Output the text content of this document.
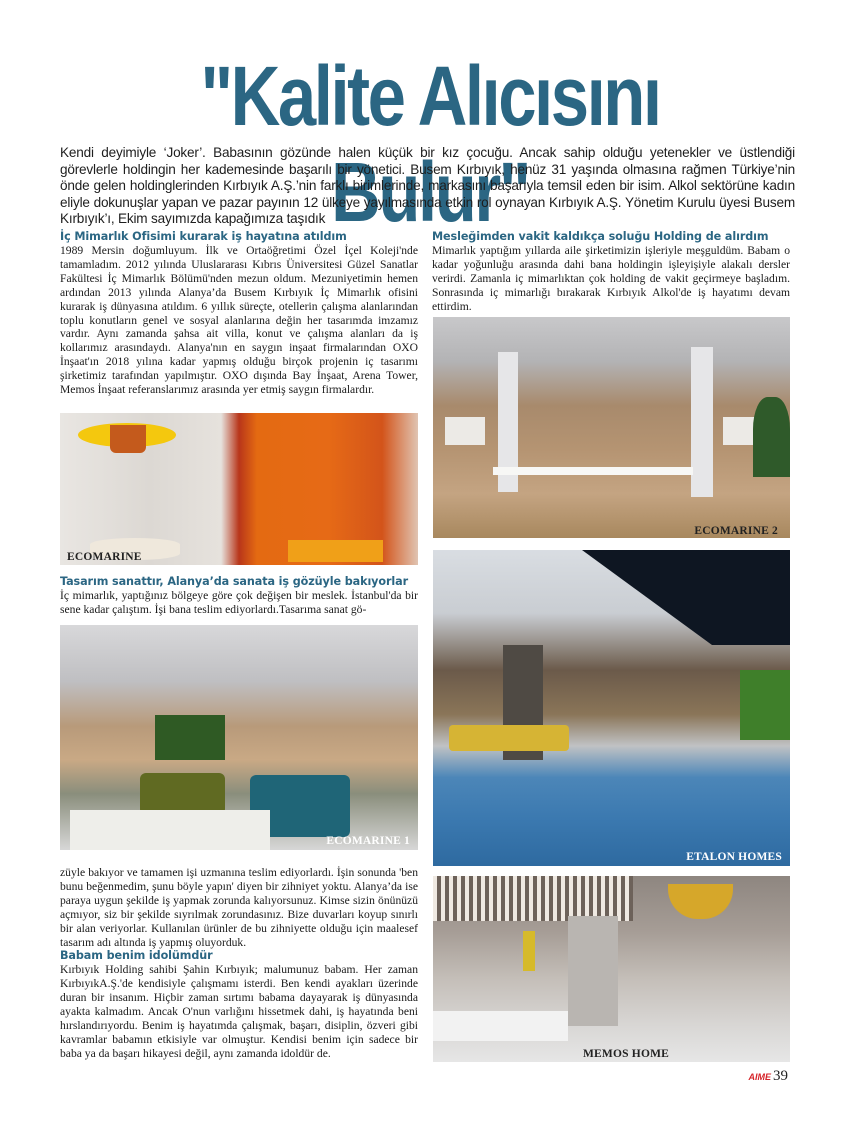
"Kalite Alıcısını Bulur"
Kendi deyimiyle ‘Joker’. Babasının gözünde halen küçük bir kız çocuğu. Ancak sahip olduğu yetenekler ve üstlendiği görevlerle holdingin her kademesinde başarılı bir yönetici. Busem Kırbıyık, henüz 31 yaşında olmasına rağmen Türkiye’nin önde gelen holdinglerinden Kırbıyık A.Ş.’nin farklı birimlerinde, markasını başarıyla temsil eden bir isim. Alkol sektörüne kadın eliyle dokunuşlar yapan ve pazar payının 12 ülkeye yayılmasında etkin rol oynayan Kırbıyık A.Ş. Yönetim Kurulu üyesi Busem Kırbıyık’ı, Ekim sayımızda kapağımıza taşıdık
İç Mimarlık Ofisimi kurarak iş hayatına atıldım
1989 Mersin doğumluyum. İlk ve Ortaöğretimi Özel İçel Koleji'nde tamamladım. 2012 yılında Uluslararası Kıbrıs Üniversitesi Güzel Sanatlar Fakültesi İç Mimarlık Bölümü'nden mezun oldum. Mezuniyetimin hemen ardından 2013 yılında Alanya’da Busem Kırbıyık İç Mimarlık ofisini kurarak iş dünyasına atıldım. 6 yıllık süreçte, otellerin çalışma alanlarından toplu konutların genel ve sosyal alanlarına değin her tasarımda imzamız vardır. Aynı zamanda şahsa ait villa, konut ve çalışma alanları da iş kollarımız arasındaydı. Alanya'nın en saygın inşaat firmalarından OXO İnşaat'ın 2018 yılına kadar yapmış olduğu birçok projenin iç tasarımı şirketimiz tarafından yapılmıştır. OXO dışında Bay İnşaat, Arena Tower, Memos İnşaat referanslarımız arasında yer etmiş saygın firmalardır.
ECOMARINE
Tasarım sanattır, Alanya’da sanata iş gözüyle bakıyorlar
İç mimarlık, yaptığınız bölgeye göre çok değişen bir meslek. İstanbul'da bir sene kadar çalıştım. İşi bana teslim ediyorlardı.Tasarıma sanat gö-
ECOMARINE 1
züyle bakıyor ve tamamen işi uzmanına teslim ediyorlardı. İşin sonunda 'ben bunu beğenmedim, şunu böyle yapın' diyen bir zihniyet yoktu. Alanya’da ise paraya uygun şekilde iş yapmak zorunda kalıyorsunuz. Kimse sizin önünüzü açmıyor, siz bir şekilde sıyrılmak zorundasınız. Bize duvarları koyup sınırlı bir alan veriyorlar. Kullanılan ürünler de bu zihniyette olduğu için maalesef tasarım adı altında iş yapmış oluyorduk.
Babam benim idolümdür
Kırbıyık Holding sahibi Şahin Kırbıyık; malumunuz babam. Her zaman KırbıyıkA.Ş.'de kendisiyle çalışmamı isterdi. Ben kendi ayakları üzerinde duran bir insanım. Hiçbir zaman sırtımı babama dayayarak iş dünyasında ayakta kalmadım. Ancak O'nun varlığını hissetmek dahi, iş hayatında beni hırslandırıyordu. Benim iş hayatımda çalışmak, başarı, disiplin, özveri gibi kavramlar babamın etkisiyle var olmuştur. Kendisi benim için sadece bir baba ya da başarı hikayesi değil, aynı zamanda idoldür de.
Mesleğimden vakit kaldıkça soluğu Holding de alırdım
Mimarlık yaptığım yıllarda aile şirketimizin işleriyle meşguldüm. Babam o kadar yoğunluğu arasında dahi bana holdingin işleyişiyle alakalı dersler verirdi. Zamanla iç mimarlıktan çok holding de vakit geçirmeye başladım. Sonrasında iç mimarlığı bırakarak Kırbıyık Alkol'de iş hayatımı devam ettirdim.
ECOMARINE 2
ETALON HOMES
MEMOS HOME
AIME 39
